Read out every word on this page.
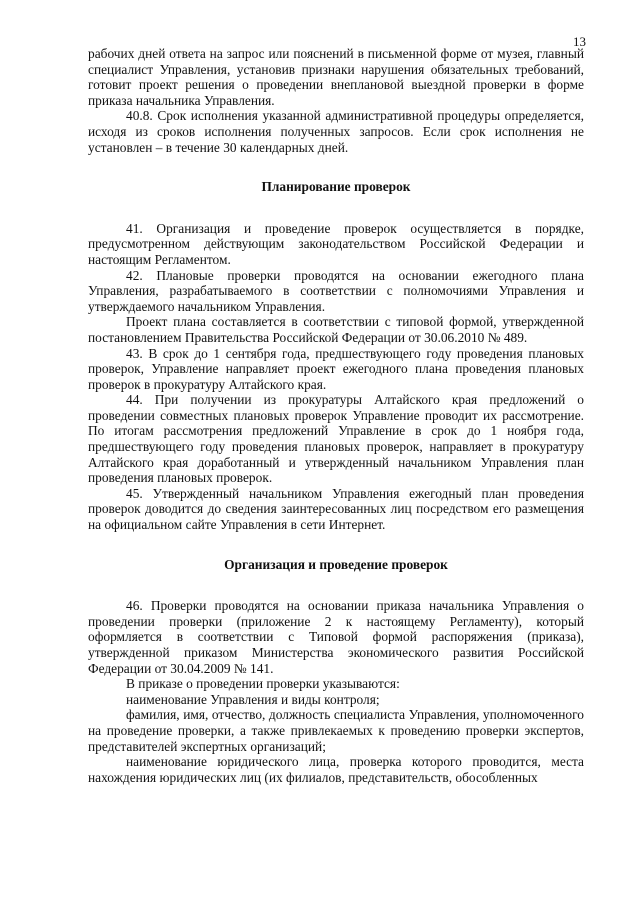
13

рабочих дней ответа на запрос или пояснений в письменной форме от музея, главный специалист Управления, установив признаки нарушения обязательных требований, готовит проект решения о проведении внеплановой выездной проверки в форме приказа начальника Управления.

40.8. Срок исполнения указанной административной процедуры определяется, исходя из сроков исполнения полученных запросов. Если срок исполнения не установлен – в течение 30 календарных дней.

Планирование проверок

41. Организация и проведение проверок осуществляется в порядке, предусмотренном действующим законодательством Российской Федерации и настоящим Регламентом.

42. Плановые проверки проводятся на основании ежегодного плана Управления, разрабатываемого в соответствии с полномочиями Управления и утверждаемого начальником Управления.

Проект плана составляется в соответствии с типовой формой, утвержденной постановлением Правительства Российской Федерации от 30.06.2010 № 489.

43. В срок до 1 сентября года, предшествующего году проведения плановых проверок, Управление направляет проект ежегодного плана проведения плановых проверок в прокуратуру Алтайского края.

44. При получении из прокуратуры Алтайского края предложений о проведении совместных плановых проверок Управление проводит их рассмотрение. По итогам рассмотрения предложений Управление в срок до 1 ноября года, предшествующего году проведения плановых проверок, направляет в прокуратуру Алтайского края доработанный и утвержденный начальником Управления план проведения плановых проверок.

45. Утвержденный начальником Управления ежегодный план проведения проверок доводится до сведения заинтересованных лиц посредством его размещения на официальном сайте Управления в сети Интернет.

Организация и проведение проверок

46. Проверки проводятся на основании приказа начальника Управления о проведении проверки (приложение 2 к настоящему Регламенту), который оформляется в соответствии с Типовой формой распоряжения (приказа), утвержденной приказом Министерства экономического развития Российской Федерации от 30.04.2009 № 141.

В приказе о проведении проверки указываются:

наименование Управления и виды контроля;

фамилия, имя, отчество, должность специалиста Управления, уполномоченного на проведение проверки, а также привлекаемых к проведению проверки экспертов, представителей экспертных организаций;

наименование юридического лица, проверка которого проводится, места нахождения юридических лиц (их филиалов, представительств, обособленных
